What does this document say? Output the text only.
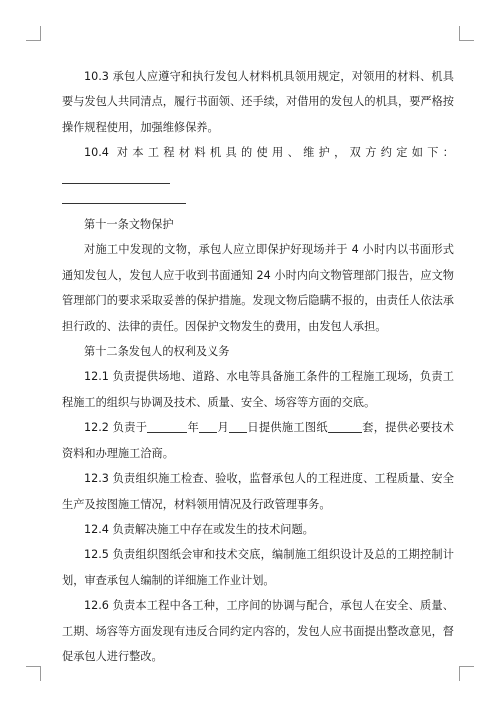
10.3 承包人应遵守和执行发包人材料机具领用规定，对领用的材料、机具要与发包人共同清点，履行书面领、还手续，对借用的发包人的机具，要严格按操作规程使用，加强维修保养。

10.4 对本工程材料机具的使用、维护，双方约定如下：

第十一条文物保护

对施工中发现的文物，承包人应立即保护好现场并于 4 小时内以书面形式通知发包人，发包人应于收到书面通知 24 小时内向文物管理部门报告，应文物管理部门的要求采取妥善的保护措施。发现文物后隐瞒不报的，由责任人依法承担行政的、法律的责任。因保护文物发生的费用，由发包人承担。

第十二条发包人的权利及义务

12.1 负责提供场地、道路、水电等具备施工条件的工程施工现场，负责工程施工的组织与协调及技术、质量、安全、场容等方面的交底。

12.2 负责于	年 月 日提供施工图纸	套，提供必要技术资料和办理施工洽商。

12.3 负责组织施工检查、验收，监督承包人的工程进度、工程质量、安全生产及按图施工情况，材料领用情况及行政管理事务。

12.4 负责解决施工中存在或发生的技术问题。

12.5 负责组织图纸会审和技术交底，编制施工组织设计及总的工期控制计划，审查承包人编制的详细施工作业计划。

12.6 负责本工程中各工种，工序间的协调与配合，承包人在安全、质量、工期、场容等方面发现有违反合同约定内容的，发包人应书面提出整改意见，督促承包人进行整改。
